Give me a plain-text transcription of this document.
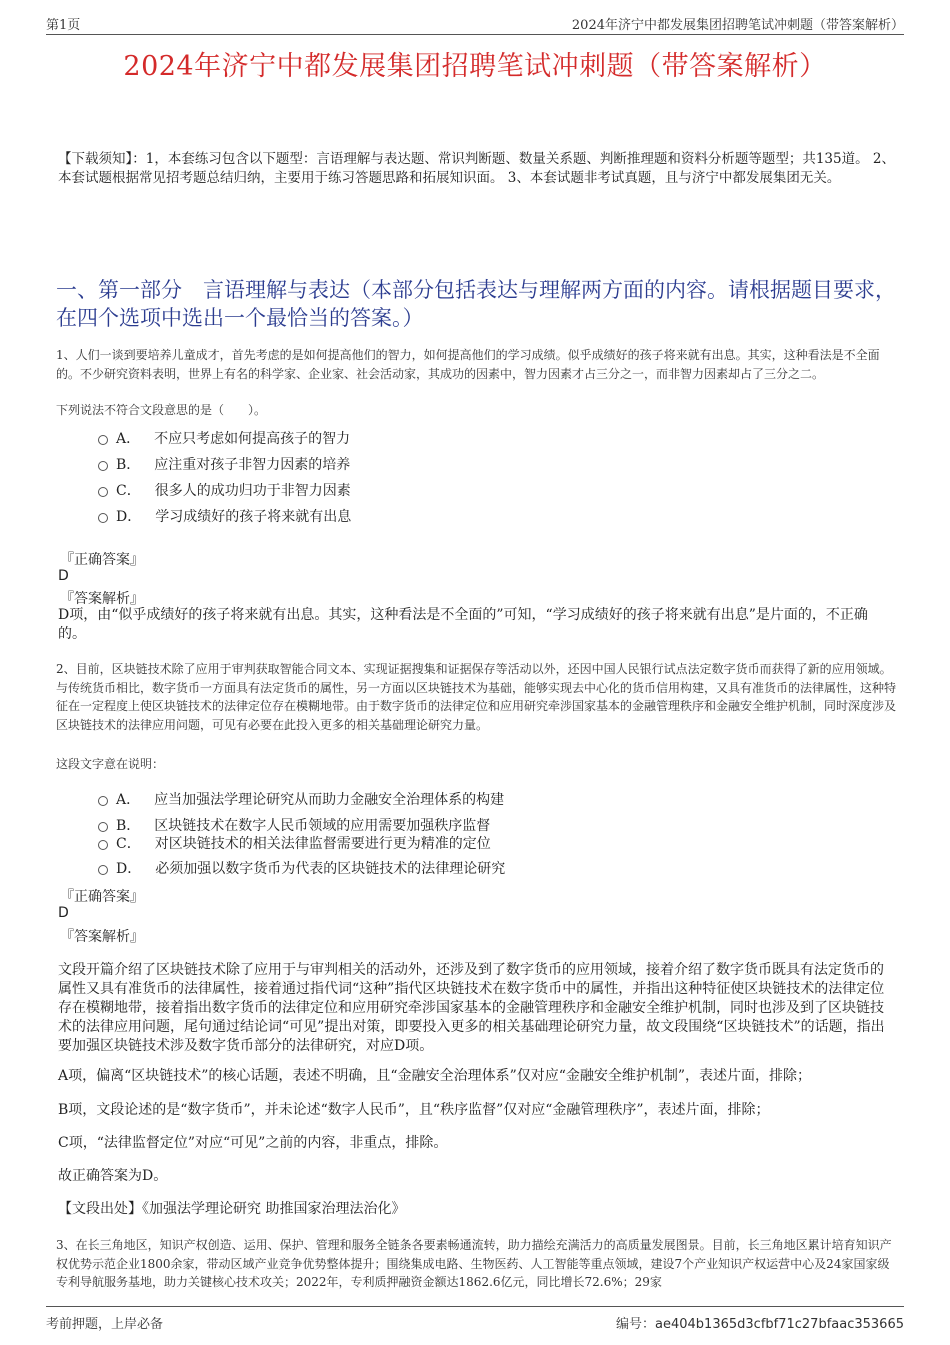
第1页	2024年济宁中都发展集团招聘笔试冲刺题（带答案解析）
2024年济宁中都发展集团招聘笔试冲刺题（带答案解析）
【下载须知】：1，本套练习包含以下题型：言语理解与表达题、常识判断题、数量关系题、判断推理题和资料分析题等题型；共135道。 2、本套试题根据常见招考题总结归纳，主要用于练习答题思路和拓展知识面。 3、本套试题非考试真题，且与济宁中都发展集团无关。
一、第一部分　言语理解与表达（本部分包括表达与理解两方面的内容。请根据题目要求，在四个选项中选出一个最恰当的答案。）
1、人们一谈到要培养儿童成才，首先考虑的是如何提高他们的智力，如何提高他们的学习成绩。似乎成绩好的孩子将来就有出息。其实，这种看法是不全面的。不少研究资料表明，世界上有名的科学家、企业家、社会活动家，其成功的因素中，智力因素才占三分之一，而非智力因素却占了三分之二。
下列说法不符合文段意思的是（　　）。
A． 不应只考虑如何提高孩子的智力
B． 应注重对孩子非智力因素的培养
C． 很多人的成功归功于非智力因素
D． 学习成绩好的孩子将来就有出息
『正确答案』
D
『答案解析』
D项，由“似乎成绩好的孩子将来就有出息。其实，这种看法是不全面的”可知，“学习成绩好的孩子将来就有出息”是片面的，不正确的。
2、目前，区块链技术除了应用于审判获取智能合同文本、实现证据搜集和证据保存等活动以外，还因中国人民银行试点法定数字货币而获得了新的应用领域。与传统货币相比，数字货币一方面具有法定货币的属性，另一方面以区块链技术为基础，能够实现去中心化的货币信用构建，又具有准货币的法律属性，这种特征在一定程度上使区块链技术的法律定位存在模糊地带。由于数字货币的法律定位和应用研究牵涉国家基本的金融管理秩序和金融安全维护机制，同时深度涉及区块链技术的法律应用问题，可见有必要在此投入更多的相关基础理论研究力量。
这段文字意在说明：
A． 应当加强法学理论研究从而助力金融安全治理体系的构建
B． 区块链技术在数字人民币领域的应用需要加强秩序监督
C． 对区块链技术的相关法律监督需要进行更为精准的定位
D． 必须加强以数字货币为代表的区块链技术的法律理论研究
『正确答案』
D
『答案解析』
文段开篇介绍了区块链技术除了应用于与审判相关的活动外，还涉及到了数字货币的应用领域，接着介绍了数字货币既具有法定货币的属性又具有准货币的法律属性，接着通过指代词“这种”指代区块链技术在数字货币中的属性，并指出这种特征使区块链技术的法律定位存在模糊地带，接着指出数字货币的法律定位和应用研究牵涉国家基本的金融管理秩序和金融安全维护机制，同时也涉及到了区块链技术的法律应用问题，尾句通过结论词“可见”提出对策，即要投入更多的相关基础理论研究力量，故文段围绕“区块链技术”的话题，指出要加强区块链技术涉及数字货币部分的法律研究，对应D项。
A项，偏离“区块链技术”的核心话题，表述不明确，且“金融安全治理体系”仅对应“金融安全维护机制”，表述片面，排除；
B项，文段论述的是“数字货币”，并未论述“数字人民币”，且“秩序监督”仅对应“金融管理秩序”，表述片面，排除；
C项，“法律监督定位”对应“可见”之前的内容，非重点，排除。
故正确答案为D。
【文段出处】《加强法学理论研究 助推国家治理法治化》
3、在长三角地区，知识产权创造、运用、保护、管理和服务全链条各要素畅通流转，助力描绘充满活力的高质量发展图景。目前，长三角地区累计培育知识产权优势示范企业1800余家，带动区域产业竞争优势整体提升；围绕集成电路、生物医药、人工智能等重点领域，建设7个产业知识产权运营中心及24家国家级专利导航服务基地，助力关键核心技术攻关；2022年，专利质押融资金额达1862.6亿元，同比增长72.6%；29家
考前押题，上岸必备	编号：ae404b1365d3cfbf71c27bfaac353665
